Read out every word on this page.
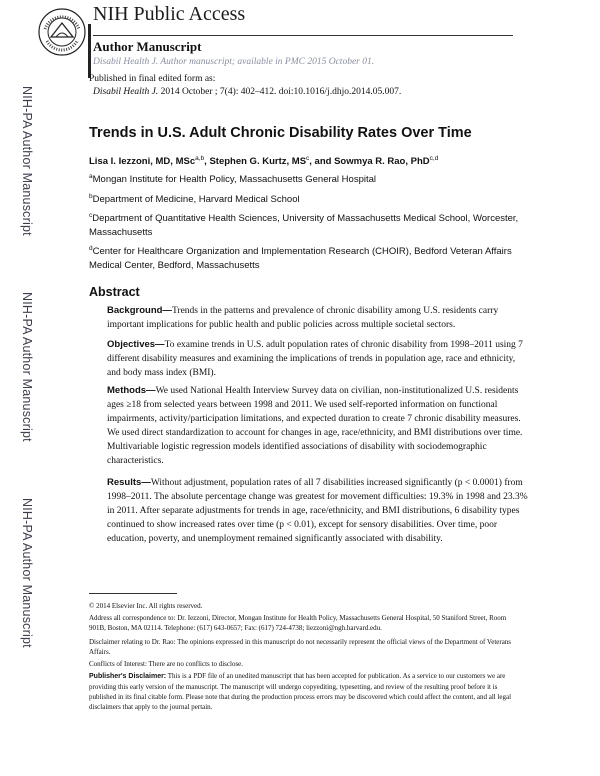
NIH Public Access
Author Manuscript
Disabil Health J. Author manuscript; available in PMC 2015 October 01.
Published in final edited form as:
Disabil Health J. 2014 October ; 7(4): 402–412. doi:10.1016/j.dhjo.2014.05.007.
NIH-PA Author Manuscript
NIH-PA Author Manuscript
NIH-PA Author Manuscript
Trends in U.S. Adult Chronic Disability Rates Over Time
Lisa I. Iezzoni, MD, MSc$^{a,b}$, Stephen G. Kurtz, $MS^c$, and Sowmya R. Rao, PhD$^{c,d}$
$^a$Mongan Institute for Health Policy, Massachusetts General Hospital
$^b$Department of Medicine, Harvard Medical School
$^c$Department of Quantitative Health Sciences, University of Massachusetts Medical School, Worcester, Massachusetts
$^d$Center for Healthcare Organization and Implementation Research (CHOIR), Bedford Veteran Affairs Medical Center, Bedford, Massachusetts
Abstract
Background—Trends in the patterns and prevalence of chronic disability among U.S. residents carry important implications for public health and public policies across multiple societal sectors.
Objectives—To examine trends in U.S. adult population rates of chronic disability from 1998–2011 using 7 different disability measures and examining the implications of trends in population age, race and ethnicity, and body mass index (BMI).
Methods—We used National Health Interview Survey data on civilian, non-institutionalized U.S. residents ages ≥18 from selected years between 1998 and 2011. We used self-reported information on functional impairments, activity/participation limitations, and expected duration to create 7 chronic disability measures. We used direct standardization to account for changes in age, race/ethnicity, and BMI distributions over time. Multivariable logistic regression models identified associations of disability with sociodemographic characteristics.
Results—Without adjustment, population rates of all 7 disabilities increased significantly (p < 0.0001) from 1998–2011. The absolute percentage change was greatest for movement difficulties: 19.3% in 1998 and 23.3% in 2011. After separate adjustments for trends in age, race/ethnicity, and BMI distributions, 6 disability types continued to show increased rates over time (p < 0.01), except for sensory disabilities. Over time, poor education, poverty, and unemployment remained significantly associated with disability.
© 2014 Elsevier Inc. All rights reserved.
Address all correspondence to: Dr. Iezzoni, Director, Mongan Institute for Health Policy, Massachusetts General Hospital, 50 Staniford Street, Room 901B, Boston, MA 02114. Telephone: (617) 643-0657; Fax: (617) 724-4738; liezzoni@ngh.harvard.edu.
Disclaimer relating to Dr. Rao: The opinions expressed in this manuscript do not necessarily represent the official views of the Department of Veterans Affairs.
Conflicts of Interest: There are no conflicts to disclose.
Publisher's Disclaimer: This is a PDF file of an unedited manuscript that has been accepted for publication. As a service to our customers we are providing this early version of the manuscript. The manuscript will undergo copyediting, typesetting, and review of the resulting proof before it is published in its final citable form. Please note that during the production process errors may be discovered which could affect the content, and all legal disclaimers that apply to the journal pertain.
